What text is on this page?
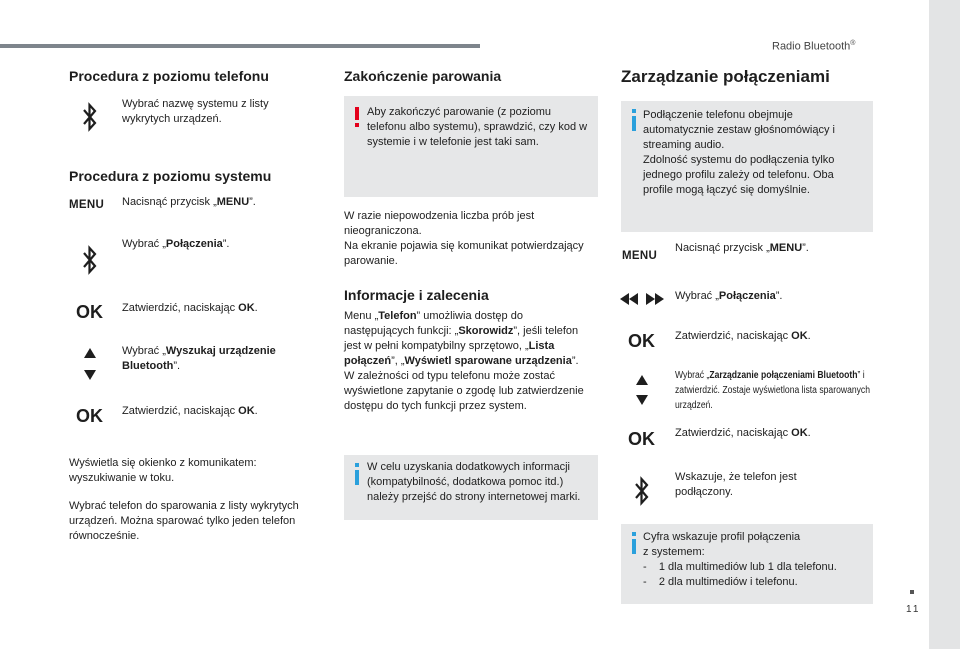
Radio Bluetooth®
Procedura z poziomu telefonu
Wybrać nazwę systemu z listy wykrytych urządzeń.
Procedura z poziomu systemu
MENU Nacisnąć przycisk „MENU”.
Wybrać „Połączenia”.
OK Zatwierdzić, naciskając OK.
Wybrać „Wyszukaj urządzenie Bluetooth”.
OK Zatwierdzić, naciskając OK.
Wyświetla się okienko z komunikatem: wyszukiwanie w toku.
Wybrać telefon do sparowania z listy wykrytych urządzeń. Można sparować tylko jeden telefon równocześnie.
Zakończenie parowania
Aby zakończyć parowanie (z poziomu telefonu albo systemu), sprawdzić, czy kod w systemie i w telefonie jest taki sam.
W razie niepowodzenia liczba prób jest nieograniczona.
Na ekranie pojawia się komunikat potwierdzający parowanie.
Informacje i zalecenia
Menu „Telefon” umożliwia dostęp do następujących funkcji: „Skorowidz”, jeśli telefon jest w pełni kompatybilny sprzętowo, „Lista połączeń”, „Wyświetl sparowane urządzenia”.
W zależności od typu telefonu może zostać wyświetlone zapytanie o zgodę lub zatwierdzenie dostępu do tych funkcji przez system.
W celu uzyskania dodatkowych informacji (kompatybilność, dodatkowa pomoc itd.) należy przejść do strony internetowej marki.
Zarządzanie połączeniami
Podłączenie telefonu obejmuje automatycznie zestaw głośnomówiący i streaming audio.
Zdolność systemu do podłączenia tylko jednego profilu zależy od telefonu. Oba profile mogą łączyć się domyślnie.
MENU
Nacisnąć przycisk „MENU”.
Wybrać „Połączenia”.
OK Zatwierdzić, naciskając OK.
Wybrać „Zarządzanie połączeniami Bluetooth” i zatwierdzić. Zostaje wyświetlona lista sparowanych urządzeń.
OK Zatwierdzić, naciskając OK.
Wskazuje, że telefon jest podłączony.
Cyfra wskazuje profil połączenia
z systemem:
-    1 dla multimediów lub 1 dla telefonu.
-    2 dla multimediów i telefonu.
11
